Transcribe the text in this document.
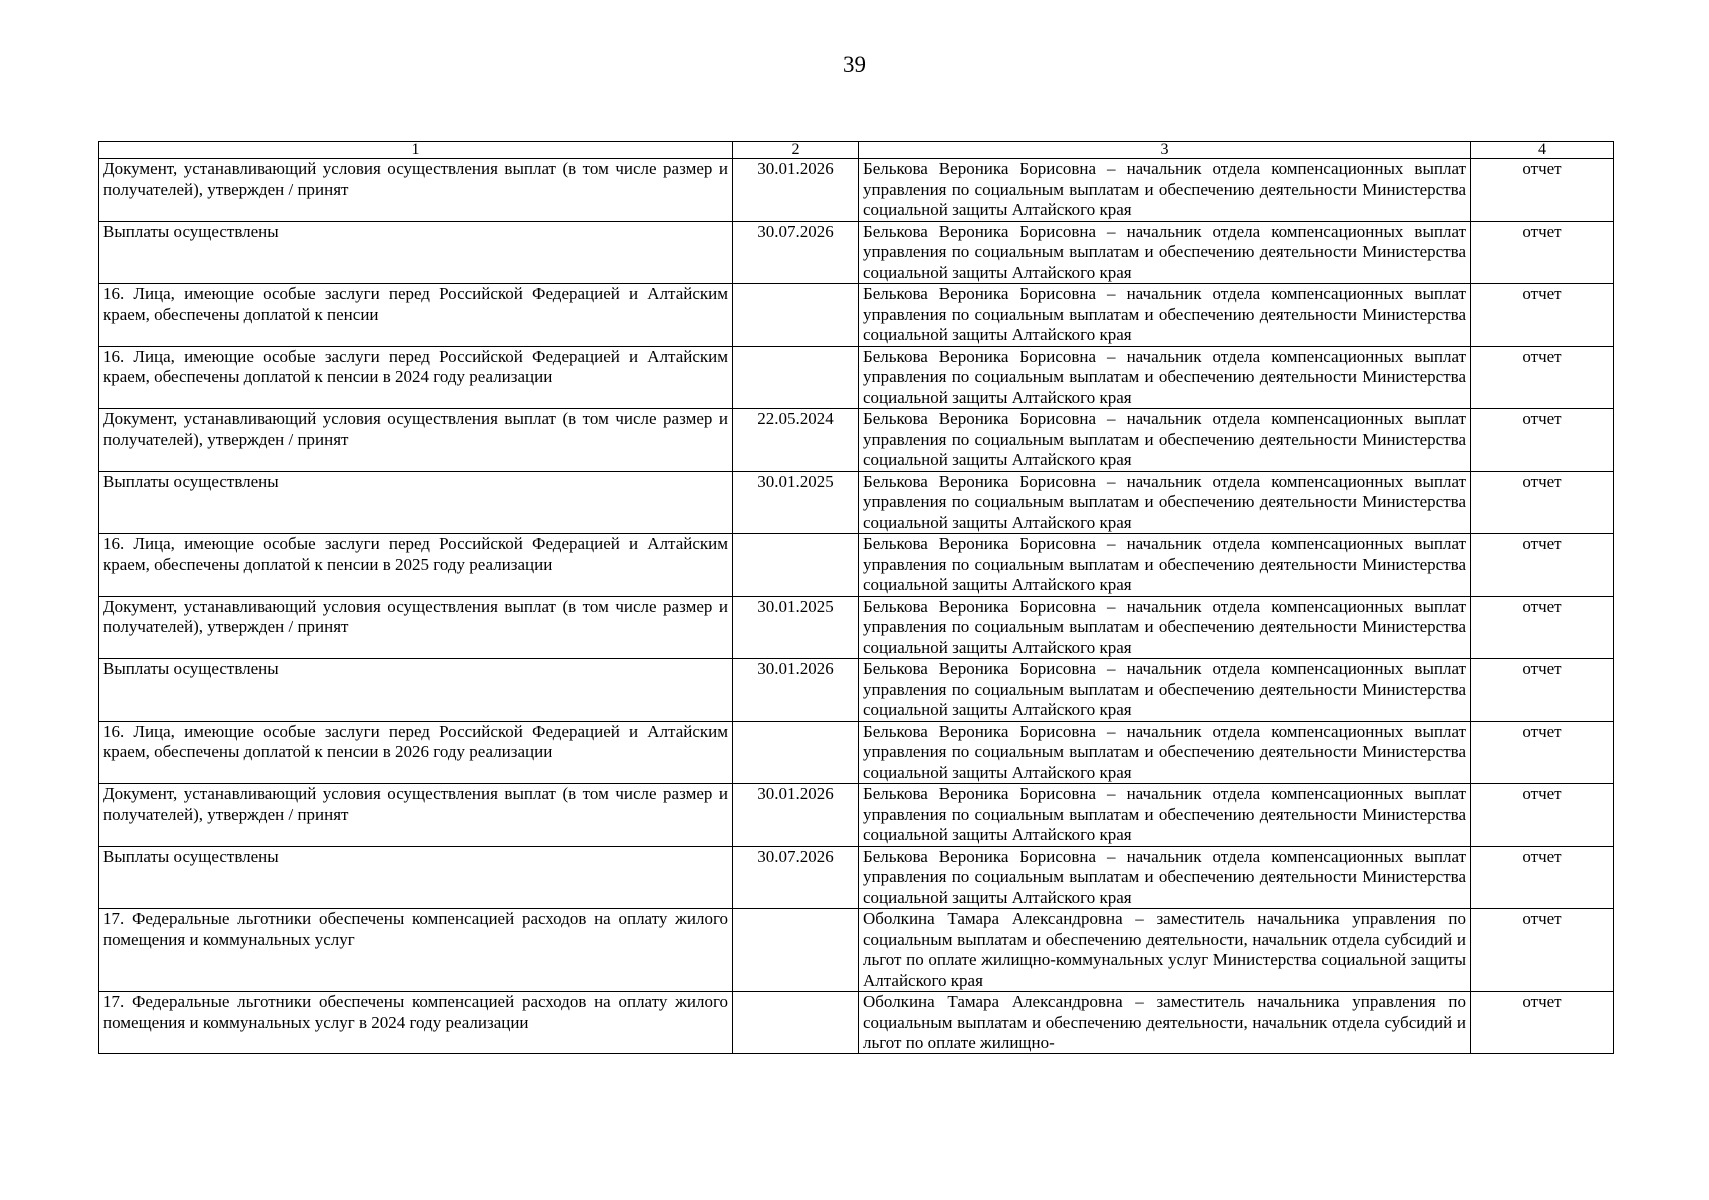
39
1	2	3	4
Документ, устанавливающий условия осуществления выплат (в том числе размер и получателей), утвержден / принят	30.01.2026	Белькова Вероника Борисовна – начальник отдела компенсационных выплат управления по социальным выплатам и обеспечению деятельности Министерства социальной защиты Алтайского края	отчет
Выплаты осуществлены	30.07.2026	Белькова Вероника Борисовна – начальник отдела компенсационных выплат управления по социальным выплатам и обеспечению деятельности Министерства социальной защиты Алтайского края	отчет
16. Лица, имеющие особые заслуги перед Российской Федерацией и Алтайским краем, обеспечены доплатой к пенсии		Белькова Вероника Борисовна – начальник отдела компенсационных выплат управления по социальным выплатам и обеспечению деятельности Министерства социальной защиты Алтайского края	отчет
16. Лица, имеющие особые заслуги перед Российской Федерацией и Алтайским краем, обеспечены доплатой к пенсии в 2024 году реализации		Белькова Вероника Борисовна – начальник отдела компенсационных выплат управления по социальным выплатам и обеспечению деятельности Министерства социальной защиты Алтайского края	отчет
Документ, устанавливающий условия осуществления выплат (в том числе размер и получателей), утвержден / принят	22.05.2024	Белькова Вероника Борисовна – начальник отдела компенсационных выплат управления по социальным выплатам и обеспечению деятельности Министерства социальной защиты Алтайского края	отчет
Выплаты осуществлены	30.01.2025	Белькова Вероника Борисовна – начальник отдела компенсационных выплат управления по социальным выплатам и обеспечению деятельности Министерства социальной защиты Алтайского края	отчет
16. Лица, имеющие особые заслуги перед Российской Федерацией и Алтайским краем, обеспечены доплатой к пенсии в 2025 году реализации		Белькова Вероника Борисовна – начальник отдела компенсационных выплат управления по социальным выплатам и обеспечению деятельности Министерства социальной защиты Алтайского края	отчет
Документ, устанавливающий условия осуществления выплат (в том числе размер и получателей), утвержден / принят	30.01.2025	Белькова Вероника Борисовна – начальник отдела компенсационных выплат управления по социальным выплатам и обеспечению деятельности Министерства социальной защиты Алтайского края	отчет
Выплаты осуществлены	30.01.2026	Белькова Вероника Борисовна – начальник отдела компенсационных выплат управления по социальным выплатам и обеспечению деятельности Министерства социальной защиты Алтайского края	отчет
16. Лица, имеющие особые заслуги перед Российской Федерацией и Алтайским краем, обеспечены доплатой к пенсии в 2026 году реализации		Белькова Вероника Борисовна – начальник отдела компенсационных выплат управления по социальным выплатам и обеспечению деятельности Министерства социальной защиты Алтайского края	отчет
Документ, устанавливающий условия осуществления выплат (в том числе размер и получателей), утвержден / принят	30.01.2026	Белькова Вероника Борисовна – начальник отдела компенсационных выплат управления по социальным выплатам и обеспечению деятельности Министерства социальной защиты Алтайского края	отчет
Выплаты осуществлены	30.07.2026	Белькова Вероника Борисовна – начальник отдела компенсационных выплат управления по социальным выплатам и обеспечению деятельности Министерства социальной защиты Алтайского края	отчет
17. Федеральные льготники обеспечены компенсацией расходов на оплату жилого помещения и коммунальных услуг		Оболкина Тамара Александровна – заместитель начальника управления по социальным выплатам и обеспечению деятельности, начальник отдела субсидий и льгот по оплате жилищно-коммунальных услуг Министерства социальной защиты Алтайского края	отчет

17. Федеральные льготники обеспечены компенсацией расходов на оплату жилого помещения и коммунальных услуг в 2024 году реализации		Оболкина Тамара Александровна – заместитель начальника управления по социальным выплатам и обеспечению деятельности, начальник отдела субсидий и льгот по оплате жилищно-	отчет
